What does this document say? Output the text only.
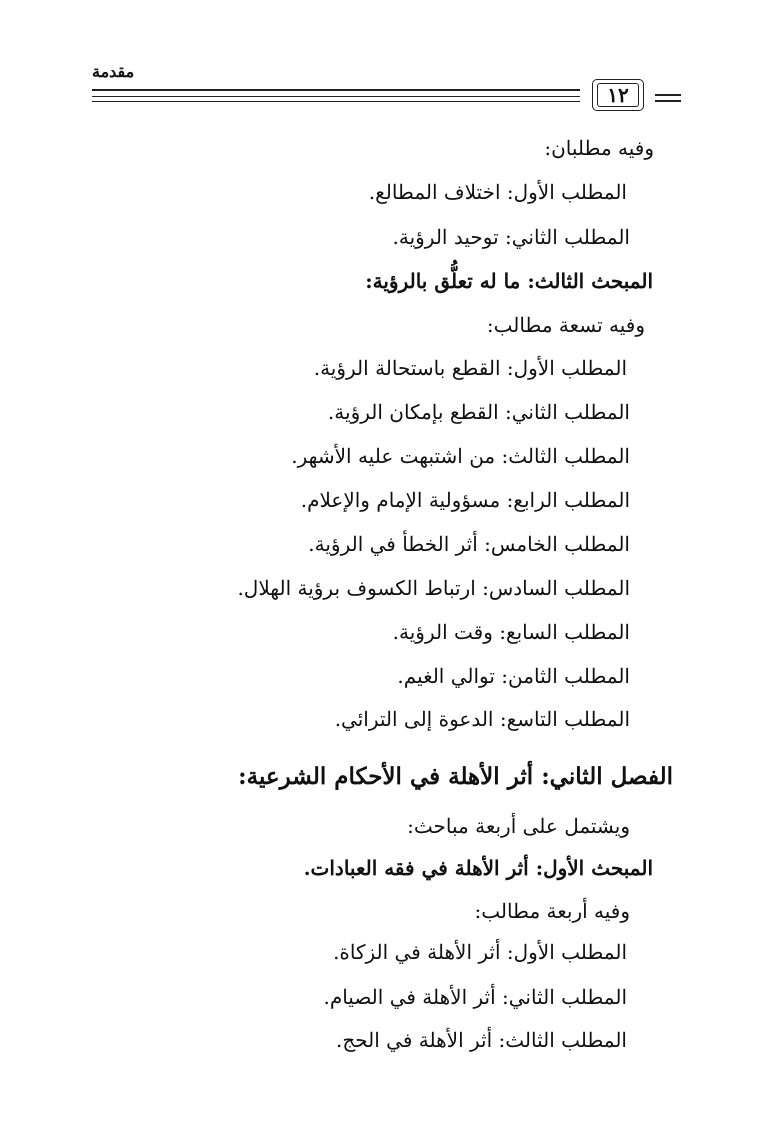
مقدمة
١٢
وفيه مطلبان:
المطلب الأول: اختلاف المطالع.
المطلب الثاني: توحيد الرؤية.
المبحث الثالث: ما له تعلُّق بالرؤية:
وفيه تسعة مطالب:
المطلب الأول: القطع باستحالة الرؤية.
المطلب الثاني: القطع بإمكان الرؤية.
المطلب الثالث: من اشتبهت عليه الأشهر.
المطلب الرابع: مسؤولية الإمام والإعلام.
المطلب الخامس: أثر الخطأ في الرؤية.
المطلب السادس: ارتباط الكسوف برؤية الهلال.
المطلب السابع: وقت الرؤية.
المطلب الثامن: توالي الغيم.
المطلب التاسع: الدعوة إلى الترائي.
الفصل الثاني: أثر الأهلة في الأحكام الشرعية:
ويشتمل على أربعة مباحث:
المبحث الأول: أثر الأهلة في فقه العبادات.
وفيه أربعة مطالب:
المطلب الأول: أثر الأهلة في الزكاة.
المطلب الثاني: أثر الأهلة في الصيام.
المطلب الثالث: أثر الأهلة في الحج.
